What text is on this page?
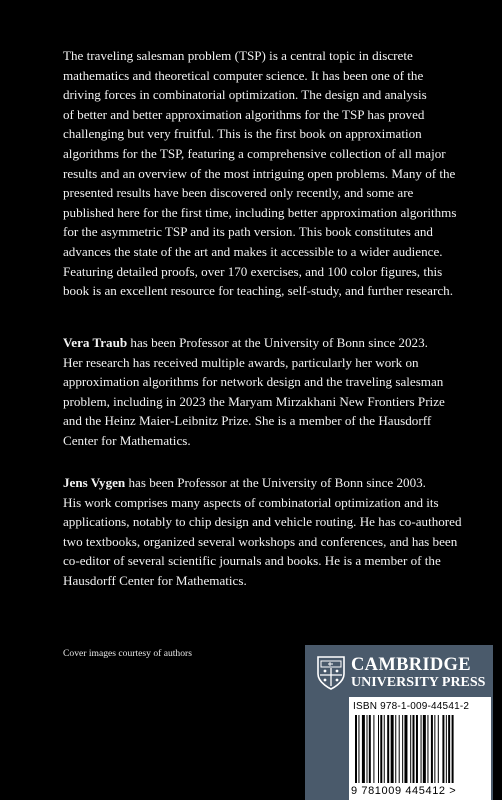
The traveling salesman problem (TSP) is a central topic in discrete
mathematics and theoretical computer science. It has been one of the
driving forces in combinatorial optimization. The design and analysis
of better and better approximation algorithms for the TSP has proved
challenging but very fruitful. This is the first book on approximation
algorithms for the TSP, featuring a comprehensive collection of all major
results and an overview of the most intriguing open problems. Many of the
presented results have been discovered only recently, and some are
published here for the first time, including better approximation algorithms
for the asymmetric TSP and its path version. This book constitutes and
advances the state of the art and makes it accessible to a wider audience.
Featuring detailed proofs, over 170 exercises, and 100 color figures, this
book is an excellent resource for teaching, self-study, and further research.
Vera Traub has been Professor at the University of Bonn since 2023.
Her research has received multiple awards, particularly her work on
approximation algorithms for network design and the traveling salesman
problem, including in 2023 the Maryam Mirzakhani New Frontiers Prize
and the Heinz Maier-Leibnitz Prize. She is a member of the Hausdorff
Center for Mathematics.
Jens Vygen has been Professor at the University of Bonn since 2003.
His work comprises many aspects of combinatorial optimization and its
applications, notably to chip design and vehicle routing. He has co-authored
two textbooks, organized several workshops and conferences, and has been
co-editor of several scientific journals and books. He is a member of the
Hausdorff Center for Mathematics.
Cover images courtesy of authors
CAMBRIDGE
UNIVERSITY PRESS
ISBN 978-1-009-44541-2
9 781009 445412 >
